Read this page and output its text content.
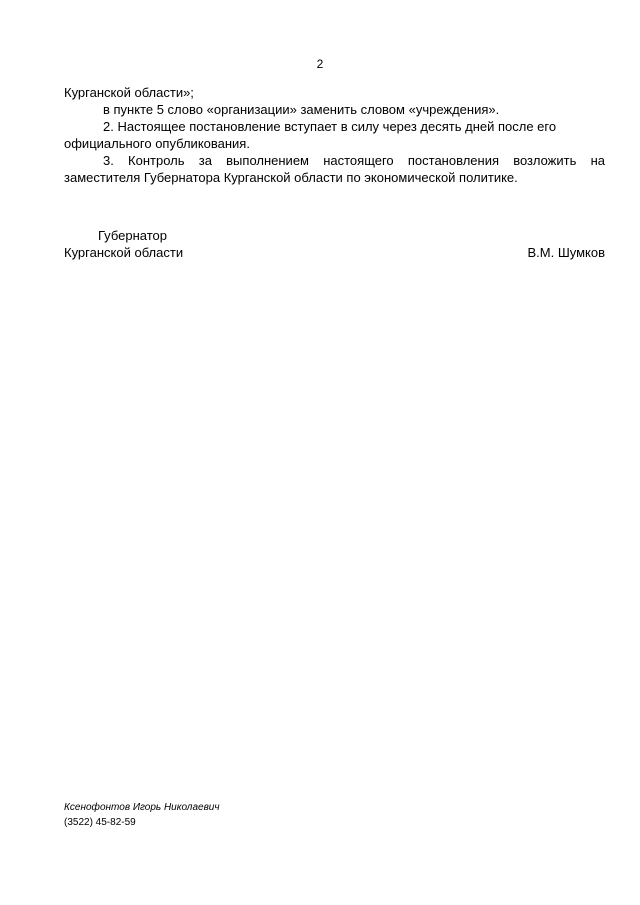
2
Курганской области»;
в пункте 5 слово «организации» заменить словом «учреждения».
2. Настоящее постановление вступает в силу через десять дней после его
официального опубликования.
3. Контроль за выполнением настоящего постановления возложить на
заместителя Губернатора Курганской области по экономической политике.
Губернатор
Курганской области	В.М. Шумков
Ксенофонтов Игорь Николаевич
(3522) 45-82-59
